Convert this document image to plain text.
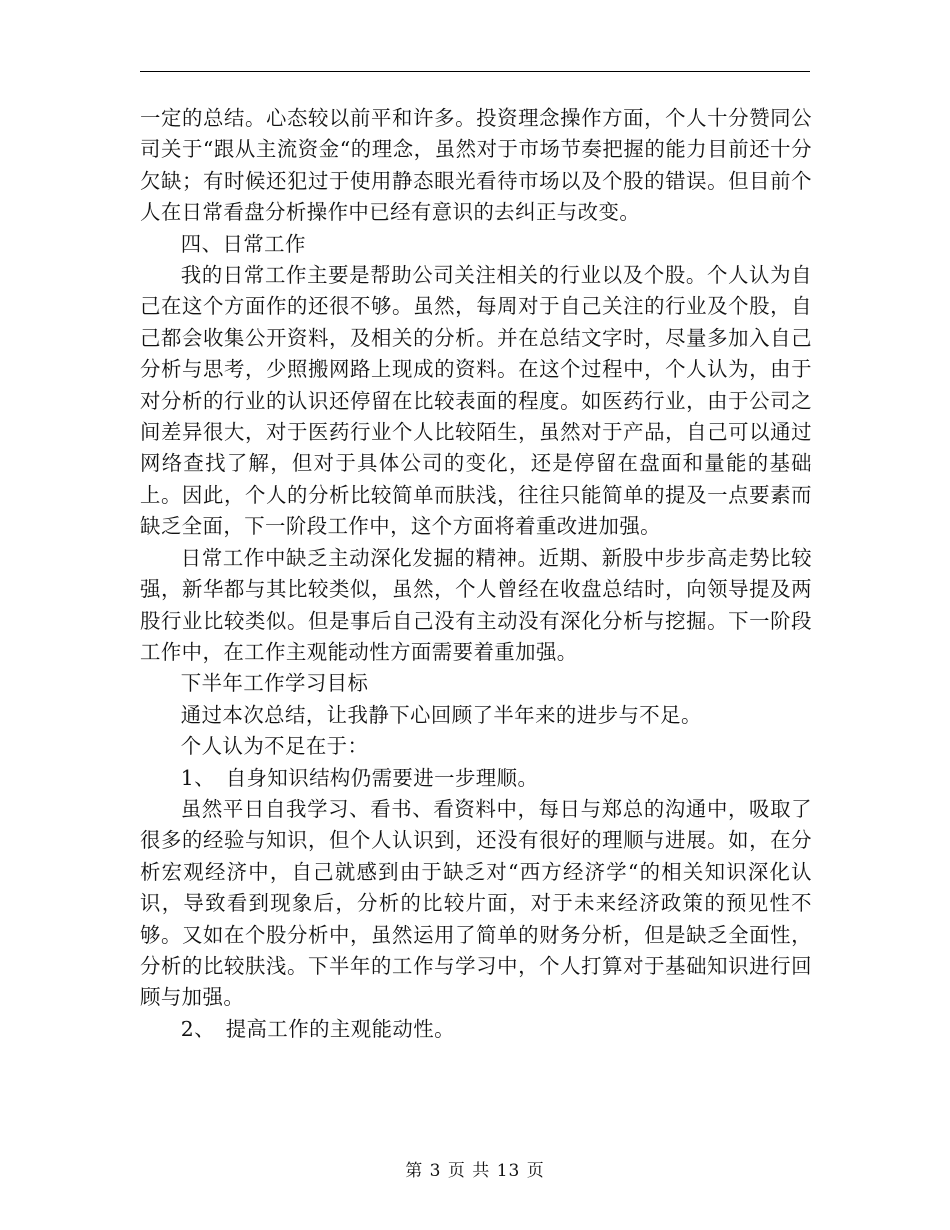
一定的总结。心态较以前平和许多。投资理念操作方面，个人十分赞同公司关于“跟从主流资金“的理念，虽然对于市场节奏把握的能力目前还十分欠缺；有时候还犯过于使用静态眼光看待市场以及个股的错误。但目前个人在日常看盘分析操作中已经有意识的去纠正与改变。

四、日常工作

我的日常工作主要是帮助公司关注相关的行业以及个股。个人认为自己在这个方面作的还很不够。虽然，每周对于自己关注的行业及个股，自己都会收集公开资料，及相关的分析。并在总结文字时，尽量多加入自己分析与思考，少照搬网路上现成的资料。在这个过程中，个人认为，由于对分析的行业的认识还停留在比较表面的程度。如医药行业，由于公司之间差异很大，对于医药行业个人比较陌生，虽然对于产品，自己可以通过网络查找了解，但对于具体公司的变化，还是停留在盘面和量能的基础上。因此，个人的分析比较简单而肤浅，往往只能简单的提及一点要素而缺乏全面，下一阶段工作中，这个方面将着重改进加强。

日常工作中缺乏主动深化发掘的精神。近期、新股中步步高走势比较强，新华都与其比较类似，虽然，个人曾经在收盘总结时，向领导提及两股行业比较类似。但是事后自己没有主动没有深化分析与挖掘。下一阶段工作中，在工作主观能动性方面需要着重加强。

下半年工作学习目标

通过本次总结，让我静下心回顾了半年来的进步与不足。

个人认为不足在于：

1、　自身知识结构仍需要进一步理顺。

虽然平日自我学习、看书、看资料中，每日与郑总的沟通中，吸取了很多的经验与知识，但个人认识到，还没有很好的理顺与进展。如，在分析宏观经济中，自己就感到由于缺乏对“西方经济学“的相关知识深化认识，导致看到现象后，分析的比较片面，对于未来经济政策的预见性不够。又如在个股分析中，虽然运用了简单的财务分析，但是缺乏全面性，分析的比较肤浅。下半年的工作与学习中，个人打算对于基础知识进行回顾与加强。

2、　提高工作的主观能动性。

第 3 页 共 13 页
